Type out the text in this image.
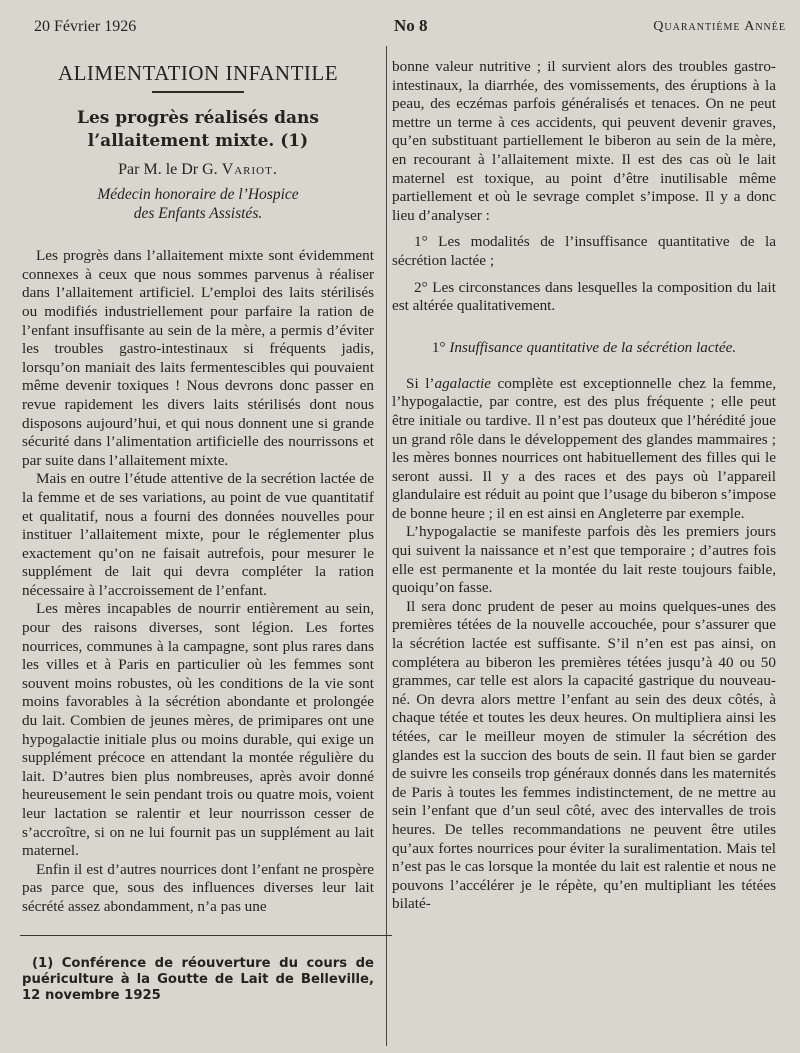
20 Février 1926	No 8	Quarantième Année
ALIMENTATION INFANTILE
Les progrès réalisés dans l’allaitement mixte. (1)
Par M. le Dr G. Variot.
Médecin honoraire de l’Hospice
des Enfants Assistés.

Les progrès dans l’allaitement mixte sont évidemment connexes à ceux que nous sommes parvenus à réaliser dans l’allaitement artificiel. L’emploi des laits stérilisés ou modifiés industriellement pour parfaire la ration de l’enfant insuffisante au sein de la mère, a permis d’éviter les troubles gastro-intestinaux si fréquents jadis, lorsqu’on maniait des laits fermentescibles qui pouvaient même devenir toxiques ! Nous devrons donc passer en revue rapidement les divers laits stérilisés dont nous disposons aujourd’hui, et qui nous donnent une si grande sécurité dans l’alimentation artificielle des nourrissons et par suite dans l’allaitement mixte.

Mais en outre l’étude attentive de la secrétion lactée de la femme et de ses variations, au point de vue quantitatif et qualitatif, nous a fourni des données nouvelles pour instituer l’allaitement mixte, pour le réglementer plus exactement qu’on ne faisait autrefois, pour mesurer le supplément de lait qui devra compléter la ration nécessaire à l’accroissement de l’enfant.

Les mères incapables de nourrir entièrement au sein, pour des raisons diverses, sont légion. Les fortes nourrices, communes à la campagne, sont plus rares dans les villes et à Paris en particulier où les femmes sont souvent moins robustes, où les conditions de la vie sont moins favorables à la sécrétion abondante et prolongée du lait. Combien de jeunes mères, de primipares ont une hypogalactie initiale plus ou moins durable, qui exige un supplément précoce en attendant la montée régulière du lait. D’autres bien plus nombreuses, après avoir donné heureusement le sein pendant trois ou quatre mois, voient leur lactation se ralentir et leur nourrisson cesser de s’accroître, si on ne lui fournit pas un supplément au lait maternel.

Enfin il est d’autres nourrices dont l’enfant ne prospère pas parce que, sous des influences diverses leur lait sécrété assez abondamment, n’a pas une

(1) Conférence de réouverture du cours de puériculture à la Goutte de Lait de Belleville, 12 novembre 1925

bonne valeur nutritive ; il survient alors des troubles gastro-intestinaux, la diarrhée, des vomissements, des éruptions à la peau, des eczémas parfois généralisés et tenaces. On ne peut mettre un terme à ces accidents, qui peuvent devenir graves, qu’en substituant partiellement le biberon au sein de la mère, en recourant à l’allaitement mixte. Il est des cas où le lait maternel est toxique, au point d’être inutilisable même partiellement et où le sevrage complet s’impose. Il y a donc lieu d’analyser :

1° Les modalités de l’insuffisance quantitative de la sécrétion lactée ;
2° Les circonstances dans lesquelles la composition du lait est altérée qualitativement.
1° Insuffisance quantitative de la sécrétion lactée.

Si l’agalactie complète est exceptionnelle chez la femme, l’hypogalactie, par contre, est des plus fréquente ; elle peut être initiale ou tardive. Il n’est pas douteux que l’hérédité joue un grand rôle dans le développement des glandes mammaires ; les mères bonnes nourrices ont habituellement des filles qui le seront aussi. Il y a des races et des pays où l’appareil glandulaire est réduit au point que l’usage du biberon s’impose de bonne heure ; il en est ainsi en Angleterre par exemple.

L’hypogalactie se manifeste parfois dès les premiers jours qui suivent la naissance et n’est que temporaire ; d’autres fois elle est permanente et la montée du lait reste toujours faible, quoiqu’on fasse.

Il sera donc prudent de peser au moins quelques-unes des premières tétées de la nouvelle accouchée, pour s’assurer que la sécrétion lactée est suffisante. S’il n’en est pas ainsi, on complétera au biberon les premières tétées jusqu’à 40 ou 50 grammes, car telle est alors la capacité gastrique du nouveau-né. On devra alors mettre l’enfant au sein des deux côtés, à chaque tétée et toutes les deux heures. On multipliera ainsi les tétées, car le meilleur moyen de stimuler la sécrétion des glandes est la succion des bouts de sein. Il faut bien se garder de suivre les conseils trop généraux donnés dans les maternités de Paris à toutes les femmes indistinctement, de ne mettre au sein l’enfant que d’un seul côté, avec des intervalles de trois heures. De telles recommandations ne peuvent être utiles qu’aux fortes nourrices pour éviter la suralimentation. Mais tel n’est pas le cas lorsque la montée du lait est ralentie et nous ne pouvons l’accélérer je le répète, qu’en multipliant les tétées bilaté-
